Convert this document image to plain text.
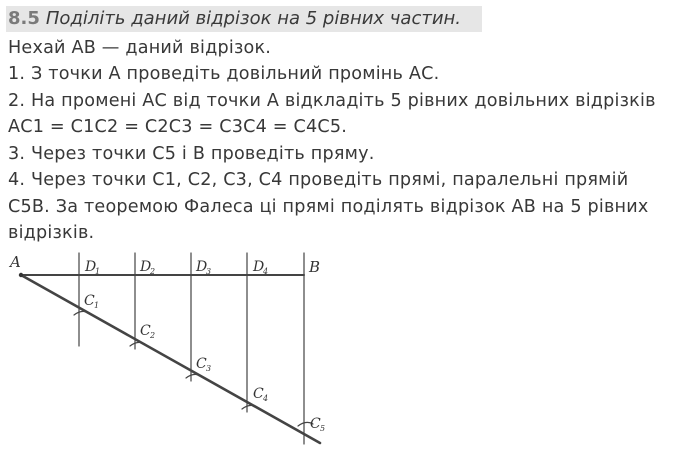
8.5 Поділіть даний відрізок на 5 рівних частин.
Нехай АВ — даний відрізок.
1. З точки А проведіть довільний промінь АС.
2. На промені АС від точки А відкладіть 5 рівних довільних відрізків
АС1 = С1С2 = С2С3 = С3С4 = С4С5.
3. Через точки С5 і В проведіть пряму.
4. Через точки С1, С2, С3, С4 проведіть прямі, паралельні прямій
С5В. За теоремою Фалеса ці прямі поділять відрізок АВ на 5 рівних
відрізків.
A	B
D
1	D
2	D
3	D
4
C 1
C 2
C 3
C 4
C 5
